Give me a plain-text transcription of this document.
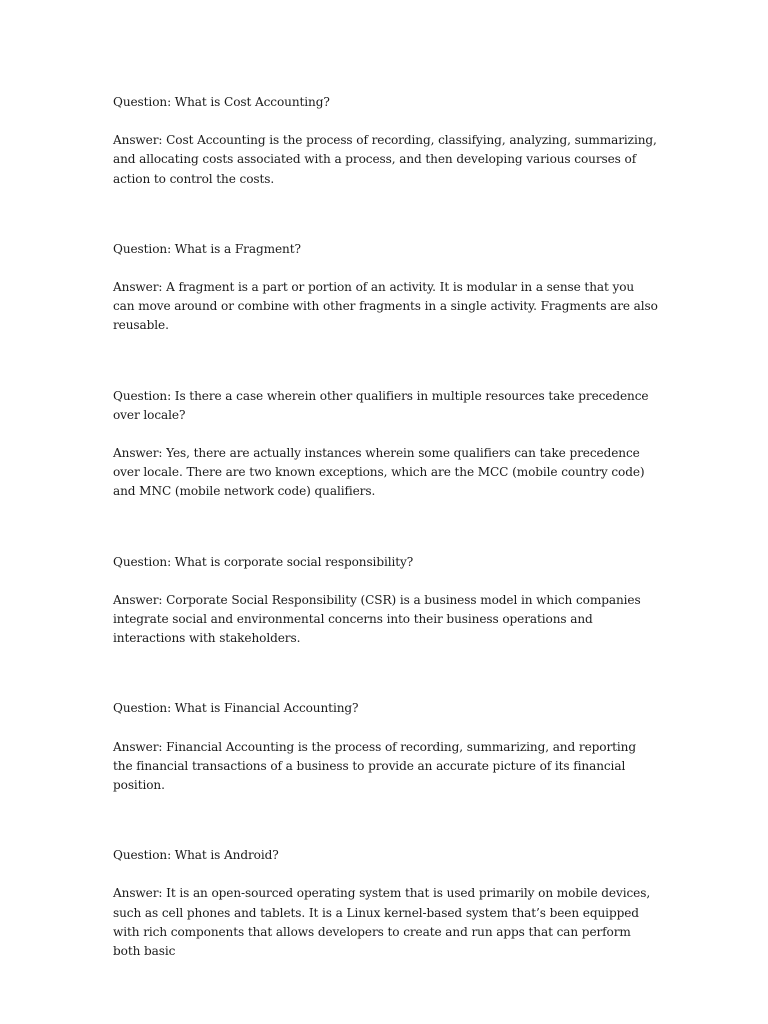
Question: What is Cost Accounting?

Answer: Cost Accounting is the process of recording, classifying, analyzing, summarizing, and allocating costs associated with a process, and then developing various courses of action to control the costs.

Question: What is a Fragment?

Answer: A fragment is a part or portion of an activity. It is modular in a sense that you can move around or combine with other fragments in a single activity. Fragments are also reusable.

Question: Is there a case wherein other qualifiers in multiple resources take precedence over locale?

Answer: Yes, there are actually instances wherein some qualifiers can take precedence over locale. There are two known exceptions, which are the MCC (mobile country code) and MNC (mobile network code) qualifiers.

Question: What is corporate social responsibility?

Answer: Corporate Social Responsibility (CSR) is a business model in which companies integrate social and environmental concerns into their business operations and interactions with stakeholders.

Question: What is Financial Accounting?

Answer: Financial Accounting is the process of recording, summarizing, and reporting the financial transactions of a business to provide an accurate picture of its financial position.

Question: What is Android?

Answer: It is an open-sourced operating system that is used primarily on mobile devices, such as cell phones and tablets. It is a Linux kernel-based system that’s been equipped with rich components that allows developers to create and run apps that can perform both basic
